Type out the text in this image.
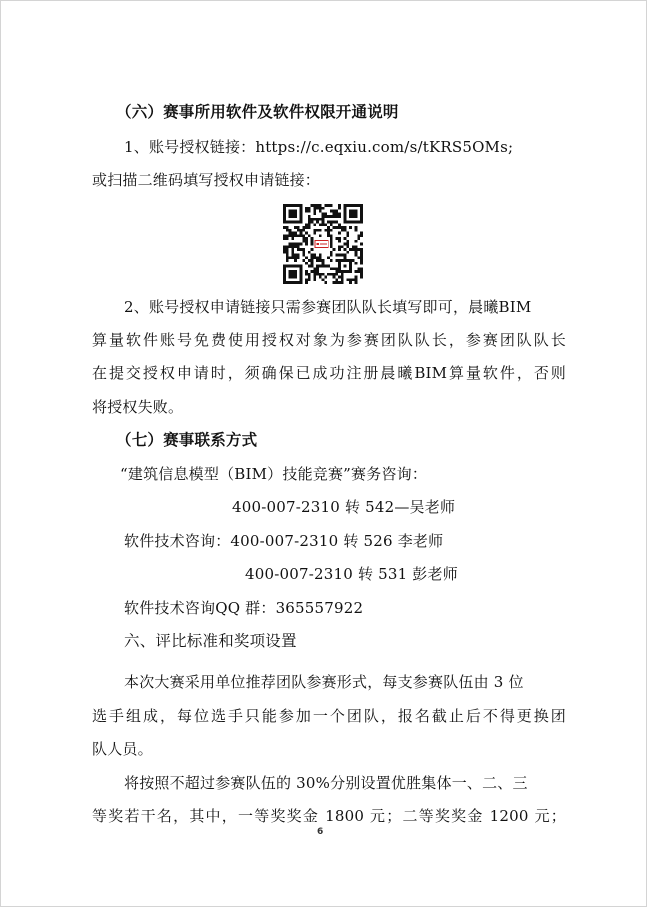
（六）赛事所用软件及软件权限开通说明
1、账号授权链接：https://c.eqxiu.com/s/tKRS5OMs;
或扫描二维码填写授权申请链接：
2、账号授权申请链接只需参赛团队队长填写即可，晨曦BIM
算量软件账号免费使用授权对象为参赛团队队长，参赛团队队长
在提交授权申请时，须确保已成功注册晨曦BIM算量软件，否则
将授权失败。
（七）赛事联系方式
“建筑信息模型（BIM）技能竞赛”赛务咨询：
400-007-2310 转 542—吴老师
软件技术咨询：400-007-2310 转 526 李老师
400-007-2310 转 531 彭老师
软件技术咨询QQ 群：365557922
六、评比标准和奖项设置
本次大赛采用单位推荐团队参赛形式，每支参赛队伍由 3 位
选手组成，每位选手只能参加一个团队，报名截止后不得更换团
队人员。
将按照不超过参赛队伍的 30%分别设置优胜集体一、二、三
等奖若干名，其中，一等奖奖金 1800 元；二等奖奖金 1200 元；
6
